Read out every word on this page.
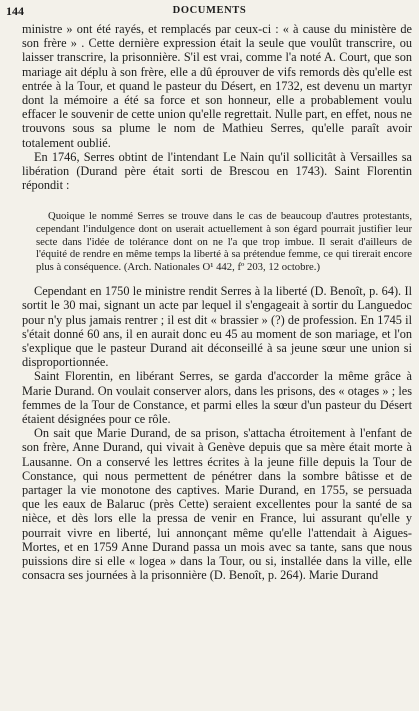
144	DOCUMENTS

ministre » ont été rayés, et remplacés par ceux-ci : « à cause du ministère de son frère » . Cette dernière expression était la seule que voulût transcrire, ou laisser transcrire, la prisonnière. S'il est vrai, comme l'a noté A. Court, que son mariage ait déplu à son frère, elle a dû éprouver de vifs remords dès qu'elle est entrée à la Tour, et quand le pasteur du Désert, en 1732, est devenu un martyr dont la mémoire a été sa force et son honneur, elle a probablement voulu effacer le souvenir de cette union qu'elle regrettait. Nulle part, en effet, nous ne trouvons sous sa plume le nom de Mathieu Serres, qu'elle paraît avoir totalement oublié.

En 1746, Serres obtint de l'intendant Le Nain qu'il sollicitât à Versailles sa libération (Durand père était sorti de Brescou en 1743). Saint Florentin répondit :

Quoique le nommé Serres se trouve dans le cas de beaucoup d'autres protestants, cependant l'indulgence dont on userait actuellement à son égard pourrait justifier leur secte dans l'idée de tolérance dont on ne l'a que trop imbue. Il serait d'ailleurs de l'équité de rendre en même temps la liberté à sa prétendue femme, ce qui tirerait encore plus à conséquence. (Arch. Nationales O¹ 442, fº 203, 12 octobre.)

Cependant en 1750 le ministre rendit Serres à la liberté (D. Benoît, p. 64). Il sortit le 30 mai, signant un acte par lequel il s'engageait à sortir du Languedoc pour n'y plus jamais rentrer ; il est dit « brassier » (?) de profession. En 1745 il s'était donné 60 ans, il en aurait donc eu 45 au moment de son mariage, et l'on s'explique que le pasteur Durand ait déconseillé à sa jeune sœur une union si disproportionnée.

Saint Florentin, en libérant Serres, se garda d'accorder la même grâce à Marie Durand. On voulait conserver alors, dans les prisons, des « otages » ; les femmes de la Tour de Constance, et parmi elles la sœur d'un pasteur du Désert étaient désignées pour ce rôle.

On sait que Marie Durand, de sa prison, s'attacha étroitement à l'enfant de son frère, Anne Durand, qui vivait à Genève depuis que sa mère était morte à Lausanne. On a conservé les lettres écrites à la jeune fille depuis la Tour de Constance, qui nous permettent de pénétrer dans la sombre bâtisse et de partager la vie monotone des captives. Marie Durand, en 1755, se persuada que les eaux de Balaruc (près Cette) seraient excellentes pour la santé de sa nièce, et dès lors elle la pressa de venir en France, lui assurant qu'elle y pourrait vivre en liberté, lui annonçant même qu'elle l'attendait à Aigues-Mortes, et en 1759 Anne Durand passa un mois avec sa tante, sans que nous puissions dire si elle « logea » dans la Tour, ou si, installée dans la ville, elle consacra ses journées à la prisonnière (D. Benoît, p. 264). Marie Durand
